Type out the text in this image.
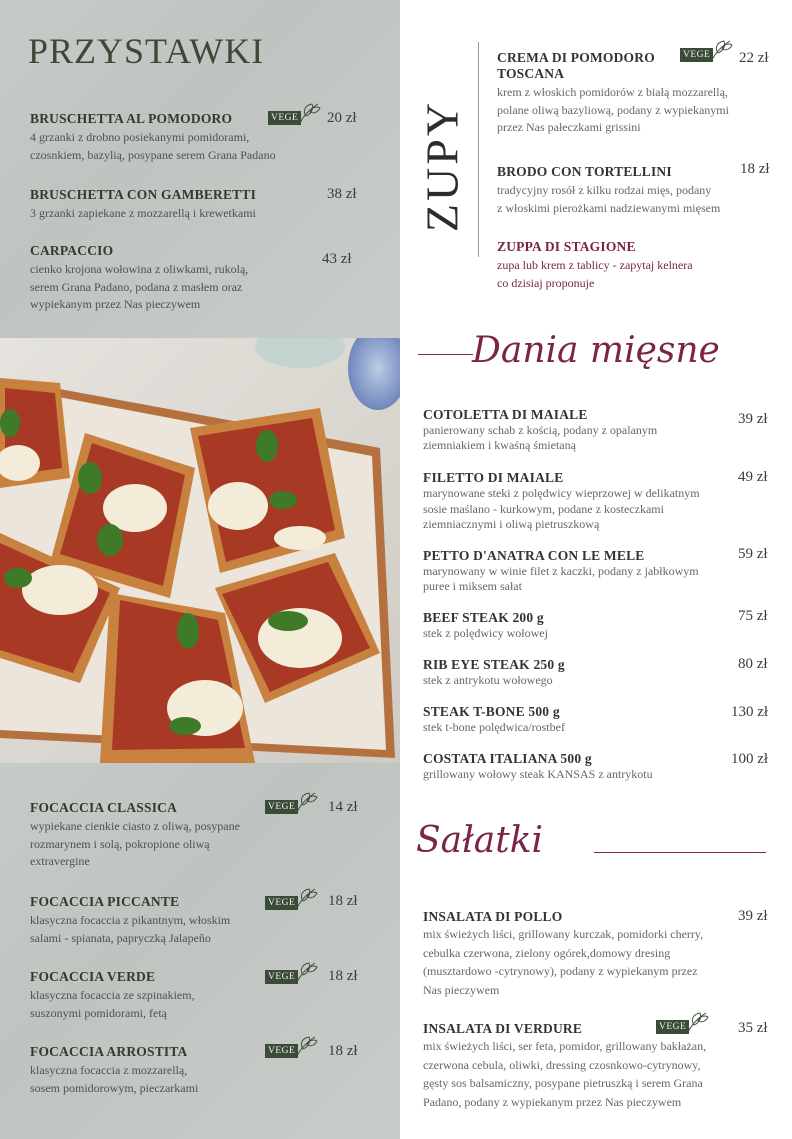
PRZYSTAWKI
BRUSCHETTA AL POMODORO
4 grzanki z drobno posiekanymi pomidorami,
czosnkiem, bazylią, posypane serem Grana Padano
VEGE 20 zł
BRUSCHETTA CON GAMBERETTI
3 grzanki zapiekane z mozzarellą i krewetkami
38 zł
CARPACCIO
cienko krojona wołowina z oliwkami, rukolą,
serem Grana Padano, podana z masłem oraz
wypiekanym przez Nas pieczywem
43 zł
FOCACCIA CLASSICA
wypiekane cienkie ciasto z oliwą, posypane
rozmarynem i solą, pokropione oliwą
extravergine
VEGE 14 zł
FOCACCIA PICCANTE
klasyczna focaccia z pikantnym, włoskim
salami - spianata, papryczką Jalapeño
VEGE 18 zł
FOCACCIA VERDE
klasyczna focaccia ze szpinakiem,
suszonymi pomidorami, fetą
VEGE 18 zł
FOCACCIA ARROSTITA
klasyczna focaccia z mozzarellą,
sosem pomidorowym, pieczarkami
VEGE 18 zł
ZUPY
CREMA DI POMODORO
TOSCANA
krem z włoskich pomidorów z białą mozzarellą,
polane oliwą bazyliową, podany z wypiekanymi
przez Nas pałeczkami grissini
VEGE 22 zł
BRODO CON TORTELLINI
tradycyjny rosół z kilku rodzai mięs, podany
z włoskimi pierożkami nadziewanymi mięsem
18 zł
ZUPPA DI STAGIONE
zupa lub krem z tablicy - zapytaj kelnera
co dzisiaj proponuje
Dania mięsne
COTOLETTA DI MAIALE
panierowany schab z kością, podany z opalanym
ziemniakiem i kwaśną śmietaną
39 zł
FILETTO DI MAIALE
marynowane steki z polędwicy wieprzowej w delikatnym
sosie maślano - kurkowym, podane z kosteczkami
ziemniacznymi i oliwą pietruszkową
49 zł
PETTO D'ANATRA CON LE MELE
marynowany w winie filet z kaczki, podany z jabłkowym
puree i miksem sałat
59 zł
BEEF STEAK 200 g
stek z polędwicy wołowej
75 zł
RIB EYE STEAK 250 g
stek z antrykotu wołowego
80 zł
STEAK T-BONE 500 g
stek t-bone polędwica/rostbef
130 zł
COSTATA ITALIANA 500 g
grillowany wołowy steak KANSAS z antrykotu
100 zł
Sałatki
INSALATA DI POLLO
mix świeżych liści, grillowany kurczak, pomidorki cherry,
cebulka czerwona, zielony ogórek,domowy dresing
(musztardowo -cytrynowy), podany z wypiekanym przez
Nas pieczywem
39 zł
INSALATA DI VERDURE
mix świeżych liści, ser feta, pomidor, grillowany bakłażan,
czerwona cebula, oliwki, dressing czosnkowo-cytrynowy,
gęsty sos balsamiczny, posypane pietruszką i serem Grana
Padano, podany z wypiekanym przez Nas pieczywem
VEGE	35 zł
